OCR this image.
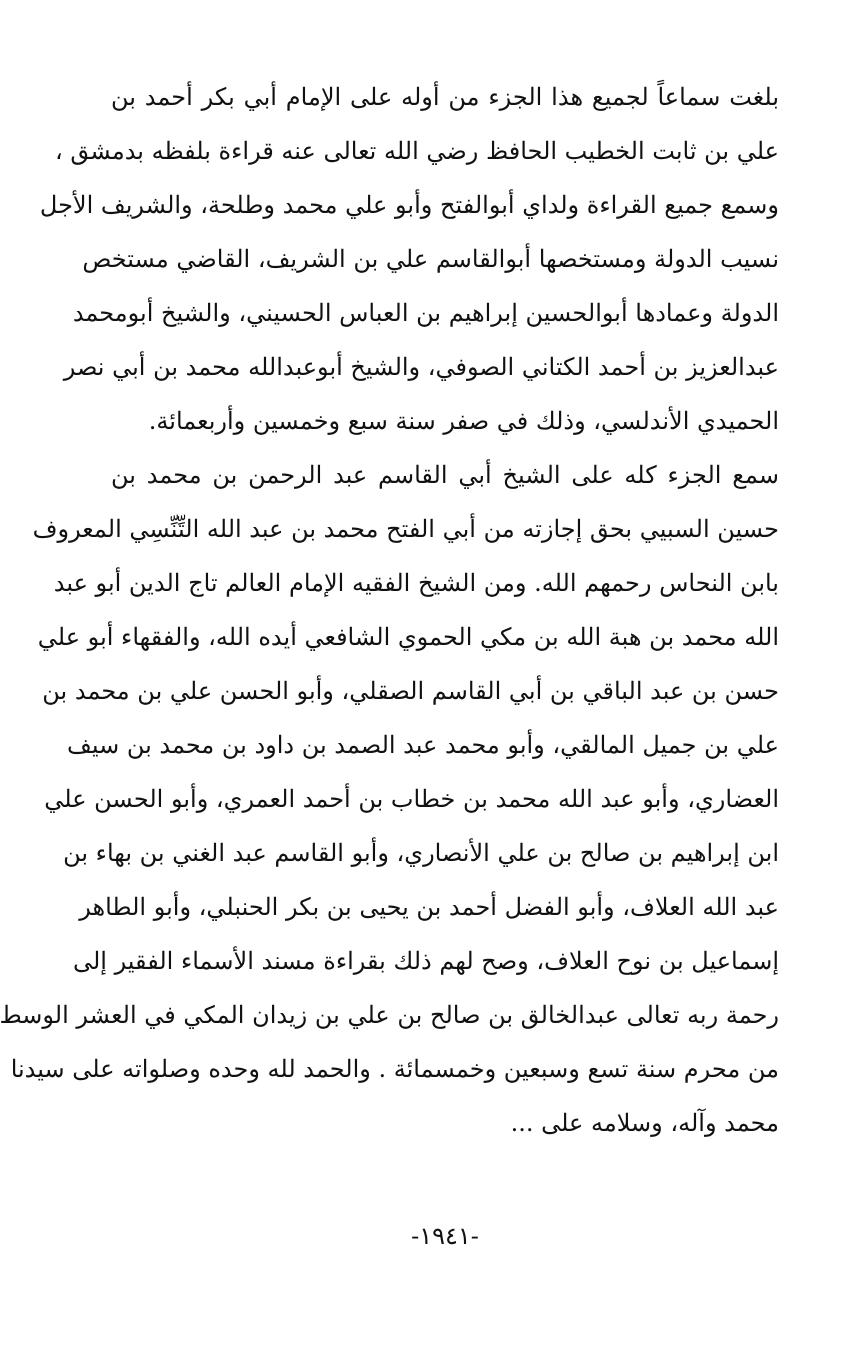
بلغت سماعاً لجميع هذا الجزء من أوله على الإمام أبي بكر أحمد بن
علي بن ثابت الخطيب الحافظ رضي الله تعالى عنه قراءة بلفظه بدمشق ،
وسمع جميع القراءة ولداي أبوالفتح وأبو علي محمد وطلحة، والشريف الأجل
نسيب الدولة ومستخصها أبوالقاسم علي بن الشريف، القاضي مستخص
الدولة وعمادها أبوالحسين إبراهيم بن العباس الحسيني، والشيخ أبومحمد
عبدالعزيز بن أحمد الكتاني الصوفي، والشيخ أبوعبدالله محمد بن أبي نصر
الحميدي الأندلسي، وذلك في صفر سنة سبع وخمسين وأربعمائة.
سمع الجزء كله على الشيخ أبي القاسم عبد الرحمن بن محمد بن
حسين السبيي بحق إجازته من أبي الفتح محمد بن عبد الله التِّنِّسِي المعروف
بابن النحاس رحمهم الله. ومن الشيخ الفقيه الإمام العالم تاج الدين أبو عبد
الله محمد بن هبة الله بن مكي الحموي الشافعي أيده الله، والفقهاء أبو علي
حسن بن عبد الباقي بن أبي القاسم الصقلي، وأبو الحسن علي بن محمد بن
علي بن جميل المالقي، وأبو محمد عبد الصمد بن داود بن محمد بن سيف
العضاري، وأبو عبد الله محمد بن خطاب بن أحمد العمري، وأبو الحسن علي
ابن إبراهيم بن صالح بن علي الأنصاري، وأبو القاسم عبد الغني بن بهاء بن
عبد الله العلاف، وأبو الفضل أحمد بن يحيى بن بكر الحنبلي، وأبو الطاهر
إسماعيل بن نوح العلاف، وصح لهم ذلك بقراءة مسند الأسماء الفقير إلى
رحمة ربه تعالى عبدالخالق بن صالح بن علي بن زيدان المكي في العشر الوسط
من محرم سنة تسع وسبعين وخمسمائة . والحمد لله وحده وصلواته على سيدنا
محمد وآله، وسلامه على ...
-١٩٤١-
